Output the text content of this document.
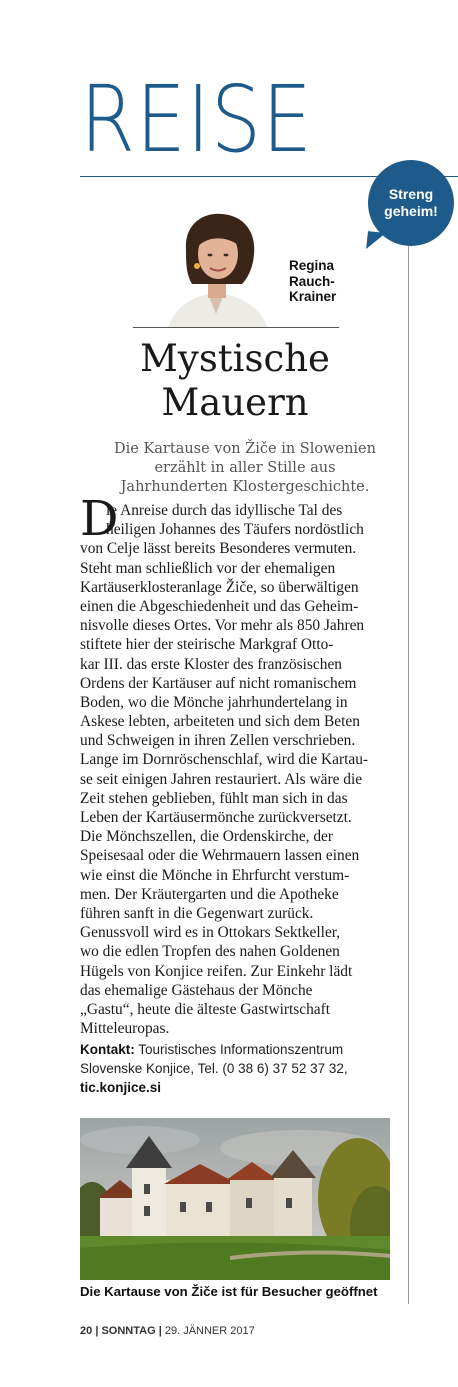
REISE
Streng
geheim!
Regina
Rauch-
Krainer
Mystische
Mauern

Die Kartause von Žiče in Slowenien erzählt in aller Stille aus Jahrhunderten Klostergeschichte.

D
ie Anreise durch das idyllische Tal des
heiligen Johannes des Täufers nordöstlich
von Celje lässt bereits Besonderes vermuten.
Steht man schließlich vor der ehemaligen
Kartäuserklosteranlage Žiče, so überwältigen
einen die Abgeschiedenheit und das Geheim-
nisvolle dieses Ortes. Vor mehr als 850 Jahren
stiftete hier der steirische Markgraf Otto-
kar III. das erste Kloster des französischen
Ordens der Kartäuser auf nicht romanischem
Boden, wo die Mönche jahrhundertelang in
Askese lebten, arbeiteten und sich dem Beten
und Schweigen in ihren Zellen verschrieben.
Lange im Dornröschenschlaf, wird die Kartau-
se seit einigen Jahren restauriert. Als wäre die
Zeit stehen geblieben, fühlt man sich in das
Leben der Kartäusermönche zurückversetzt.
Die Mönchszellen, die Ordenskirche, der
Speisesaal oder die Wehrmauern lassen einen
wie einst die Mönche in Ehrfurcht verstum-
men. Der Kräutergarten und die Apotheke
führen sanft in die Gegenwart zurück.
Genussvoll wird es in Ottokars Sektkeller,
wo die edlen Tropfen des nahen Goldenen
Hügels von Konjice reifen. Zur Einkehr lädt
das ehemalige Gästehaus der Mönche
„Gastu“, heute die älteste Gastwirtschaft
Mitteleuropas.

Kontakt: Touristisches Informationszentrum
Slovenske Konjice, Tel. (0 38 6) 37 52 37 32,
tic.konjice.si

Die Kartause von Žiče ist für Besucher geöffnet
20 | SONNTAG | 29. JÄNNER 2017
